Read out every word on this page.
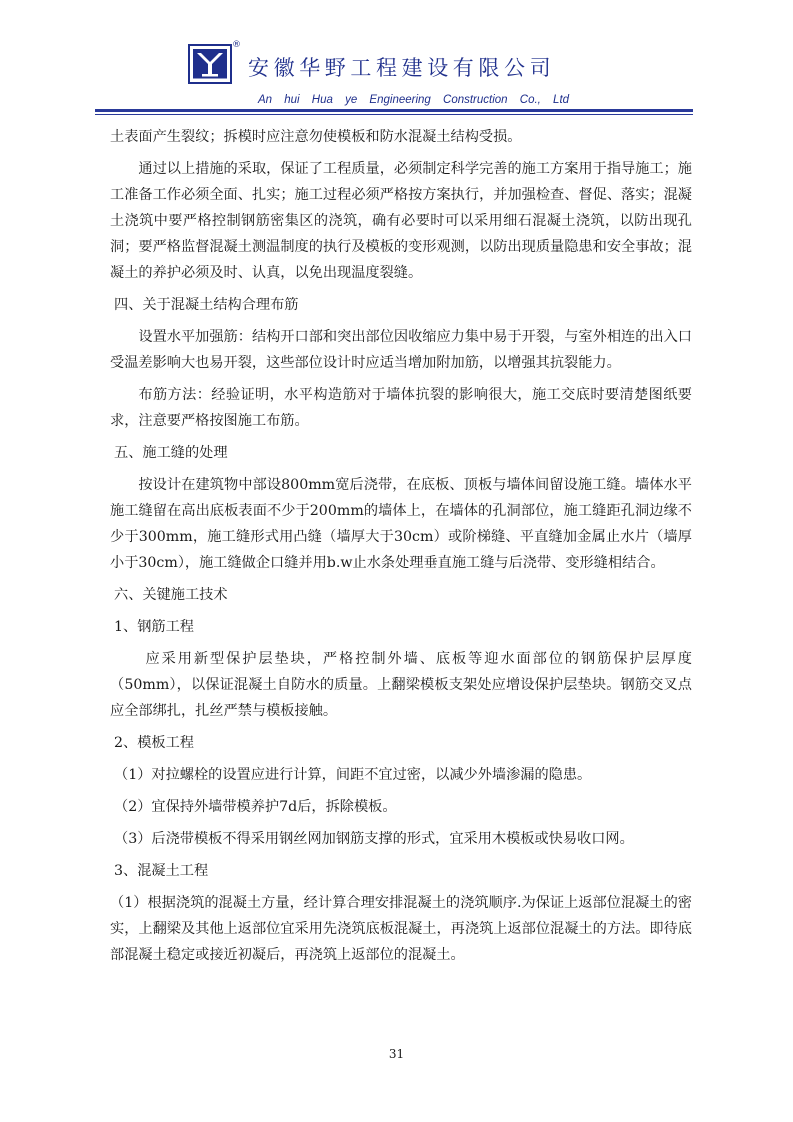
®
安徽华野工程建设有限公司
An hui Hua ye Engineering Construction Co., Ltd

土表面产生裂纹；拆模时应注意勿使模板和防水混凝土结构受损。

通过以上措施的采取，保证了工程质量，必须制定科学完善的施工方案用于指导施工；施工准备工作必须全面、扎实；施工过程必须严格按方案执行，并加强检查、督促、落实；混凝土浇筑中要严格控制钢筋密集区的浇筑，确有必要时可以采用细石混凝土浇筑，以防出现孔洞；要严格监督混凝土测温制度的执行及模板的变形观测，以防出现质量隐患和安全事故；混凝土的养护必须及时、认真，以免出现温度裂缝。

四、关于混凝土结构合理布筋

设置水平加强筋：结构开口部和突出部位因收缩应力集中易于开裂，与室外相连的出入口受温差影响大也易开裂，这些部位设计时应适当增加附加筋，以增强其抗裂能力。

布筋方法：经验证明，水平构造筋对于墙体抗裂的影响很大，施工交底时要清楚图纸要求，注意要严格按图施工布筋。

五、施工缝的处理

按设计在建筑物中部设800mm宽后浇带，在底板、顶板与墙体间留设施工缝。墙体水平施工缝留在高出底板表面不少于200mm的墙体上，在墙体的孔洞部位，施工缝距孔洞边缘不少于300mm，施工缝形式用凸缝（墙厚大于30cm）或阶梯缝、平直缝加金属止水片（墙厚小于30cm），施工缝做企口缝并用b.w止水条处理垂直施工缝与后浇带、变形缝相结合。

六、关键施工技术

1、钢筋工程

应采用新型保护层垫块，严格控制外墙、底板等迎水面部位的钢筋保护层厚度（50mm），以保证混凝土自防水的质量。上翻梁模板支架处应增设保护层垫块。钢筋交叉点应全部绑扎，扎丝严禁与模板接触。

2、模板工程

（1）对拉螺栓的设置应进行计算，间距不宜过密，以减少外墙渗漏的隐患。

（2）宜保持外墙带模养护7d后，拆除模板。

（3）后浇带模板不得采用钢丝网加钢筋支撑的形式，宜采用木模板或快易收口网。

3、混凝土工程

（1）根据浇筑的混凝土方量，经计算合理安排混凝土的浇筑顺序.为保证上返部位混凝土的密实，上翻梁及其他上返部位宜采用先浇筑底板混凝土，再浇筑上返部位混凝土的方法。即待底部混凝土稳定或接近初凝后，再浇筑上返部位的混凝土。

31
